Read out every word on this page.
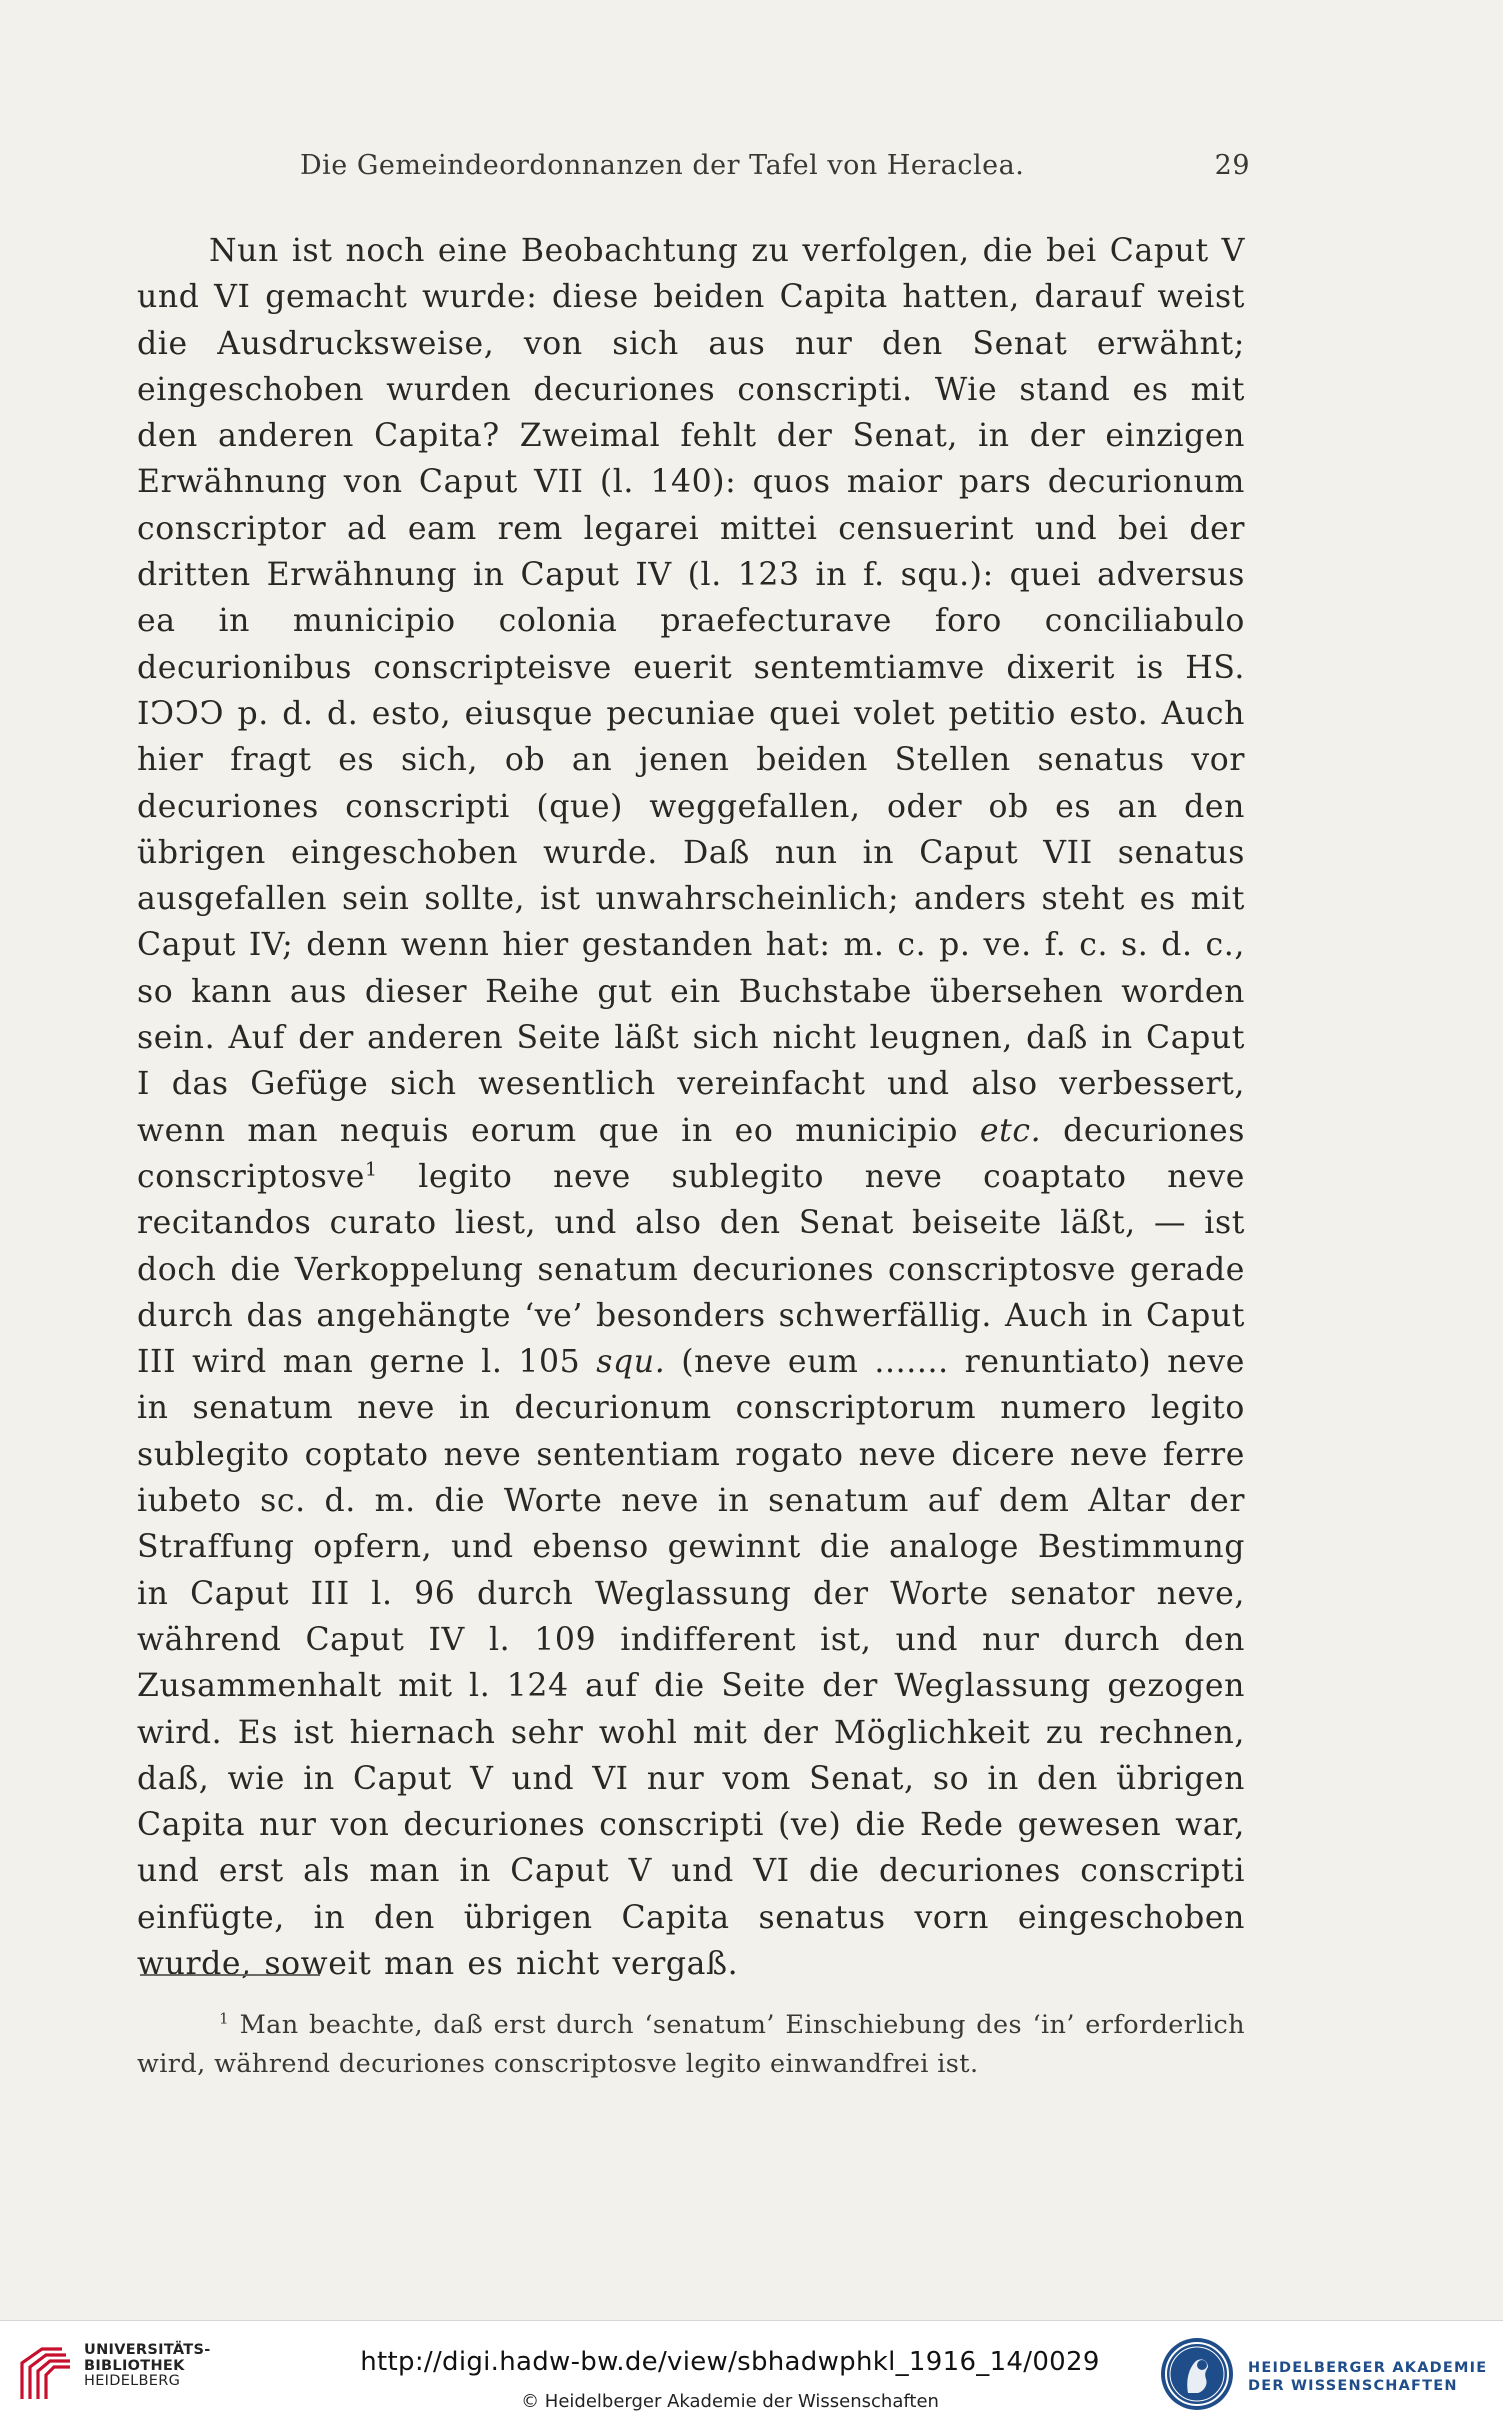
Die Gemeindeordonnanzen der Tafel von Heraclea.	29

Nun ist noch eine Beobachtung zu verfolgen, die bei Caput V und VI gemacht wurde: diese beiden Capita hatten, darauf weist die Ausdrucksweise, von sich aus nur den Senat erwähnt; eingeschoben wurden decuriones conscripti. Wie stand es mit den anderen Capita? Zweimal fehlt der Senat, in der einzigen Erwähnung von Caput VII (l. 140): quos maior pars decurionum conscriptor ad eam rem legarei mittei censuerint und bei der dritten Erwähnung in Caput IV (l. 123 in f. squ.): quei adversus ea in municipio colonia praefecturave foro conciliabulo decurionibus conscripteisve euerit sentemtiamve dixerit is HS. IↃↃↃ p. d. d. esto, eiusque pecuniae quei volet petitio esto. Auch hier fragt es sich, ob an jenen beiden Stellen senatus vor decuriones conscripti (que) weggefallen, oder ob es an den übrigen eingeschoben wurde. Daß nun in Caput VII senatus ausgefallen sein sollte, ist unwahrscheinlich; anders steht es mit Caput IV; denn wenn hier gestanden hat: m. c. p. ve. f. c. s. d. c., so kann aus dieser Reihe gut ein Buchstabe übersehen worden sein. Auf der anderen Seite läßt sich nicht leugnen, daß in Caput I das Gefüge sich wesentlich vereinfacht und also verbessert, wenn man nequis eorum que in eo municipio etc. decuriones conscriptosve$^1$ legito neve sublegito neve coaptato neve recitandos curato liest, und also den Senat beiseite läßt, — ist doch die Verkoppelung senatum decuriones conscriptosve gerade durch das angehängte ‘ve’ besonders schwerfällig. Auch in Caput III wird man gerne l. 105 squ. (neve eum ....... renuntiato) neve in senatum neve in decurionum conscriptorum numero legito sublegito coptato neve sententiam rogato neve dicere neve ferre iubeto sc. d. m. die Worte neve in senatum auf dem Altar der Straffung opfern, und ebenso gewinnt die analoge Bestimmung in Caput III l. 96 durch Weglassung der Worte senator neve, während Caput IV l. 109 indifferent ist, und nur durch den Zusammenhalt mit l. 124 auf die Seite der Weglassung gezogen wird. Es ist hiernach sehr wohl mit der Möglichkeit zu rechnen, daß, wie in Caput V und VI nur vom Senat, so in den übrigen Capita nur von decuriones conscripti (ve) die Rede gewesen war, und erst als man in Caput V und VI die decuriones conscripti einfügte, in den übrigen Capita senatus vorn eingeschoben wurde, soweit man es nicht vergaß.

$^1$ Man beachte, daß erst durch ‘senatum’ Einschiebung des ‘in’ erforderlich wird, während decuriones conscriptosve legito einwandfrei ist.

UNIVERSITÄTS-
BIBLIOTHEK
HEIDELBERG
http://digi.hadw-bw.de/view/sbhadwphkl_1916_14/0029
© Heidelberger Akademie der Wissenschaften
HEIDELBERGER AKADEMIE
DER WISSENSCHAFTEN
